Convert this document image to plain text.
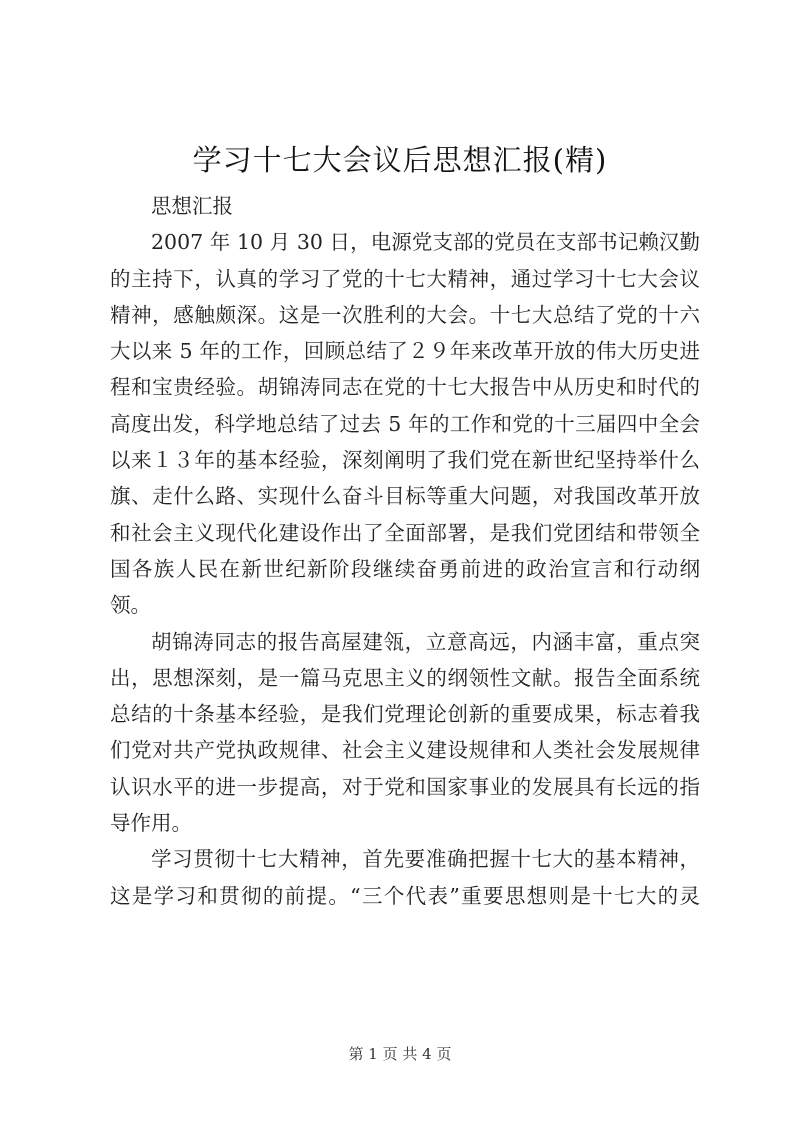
学习十七大会议后思想汇报(精)

思想汇报

2007 年 10 月 30 日，电源党支部的党员在支部书记赖汉勤
的主持下，认真的学习了党的十七大精神，通过学习十七大会议
精神，感触颇深。这是一次胜利的大会。十七大总结了党的十六
大以来 5 年的工作，回顾总结了２９年来改革开放的伟大历史进
程和宝贵经验。胡锦涛同志在党的十七大报告中从历史和时代的
高度出发，科学地总结了过去 5 年的工作和党的十三届四中全会
以来１３年的基本经验，深刻阐明了我们党在新世纪坚持举什么
旗、走什么路、实现什么奋斗目标等重大问题，对我国改革开放
和社会主义现代化建设作出了全面部署，是我们党团结和带领全
国各族人民在新世纪新阶段继续奋勇前进的政治宣言和行动纲
领。

胡锦涛同志的报告高屋建瓴，立意高远，内涵丰富，重点突
出，思想深刻，是一篇马克思主义的纲领性文献。报告全面系统
总结的十条基本经验，是我们党理论创新的重要成果，标志着我
们党对共产党执政规律、社会主义建设规律和人类社会发展规律
认识水平的进一步提高，对于党和国家事业的发展具有长远的指
导作用。

学习贯彻十七大精神，首先要准确把握十七大的基本精神，
这是学习和贯彻的前提。“三个代表”重要思想则是十七大的灵

第 1 页 共 4 页
